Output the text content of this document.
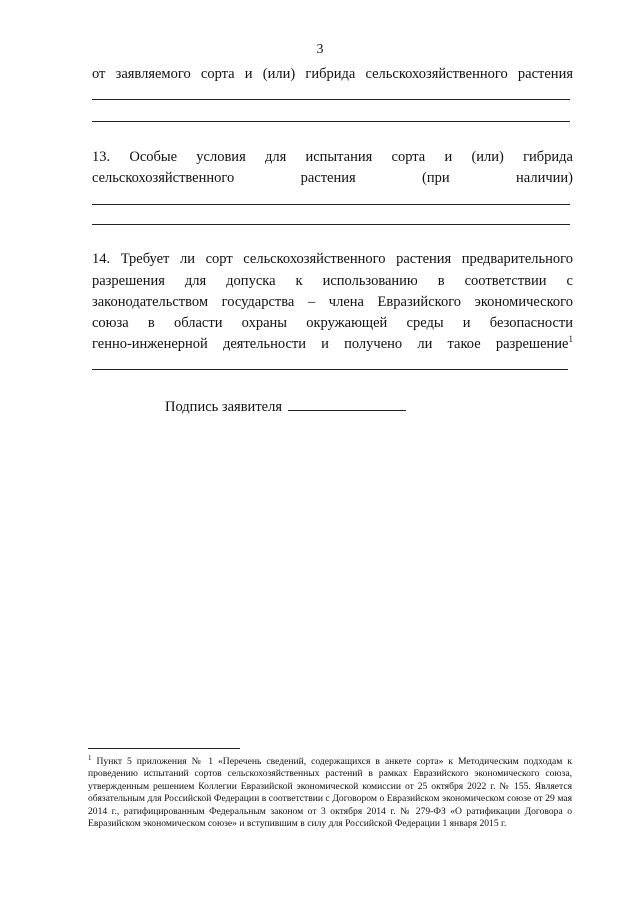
3
от заявляемого сорта и (или) гибрида сельскохозяйственного растения
13. Особые условия для испытания сорта и (или) гибрида
сельскохозяйственного растения (при наличии)
14. Требует ли сорт сельскохозяйственного растения предварительного
разрешения для допуска к использованию в соответствии с
законодательством государства – члена Евразийского экономического
союза в области охраны окружающей среды и безопасности
генно-инженерной деятельности и получено ли такое разрешение$^1$
Подпись заявителя
$^1$ Пункт 5 приложения № 1 «Перечень сведений, содержащихся в анкете сорта» к Методическим подходам к проведению испытаний сортов сельскохозяйственных растений в рамках Евразийского экономического союза, утвержденным решением Коллегии Евразийской экономической комиссии от 25 октября 2022 г. № 155. Является обязательным для Российской Федерации в соответствии с Договором о Евразийском экономическом союзе от 29 мая 2014 г., ратифицированным Федеральным законом от 3 октября 2014 г. № 279-ФЗ «О ратификации Договора о Евразийском экономическом союзе» и вступившим в силу для Российской Федерации 1 января 2015 г.
